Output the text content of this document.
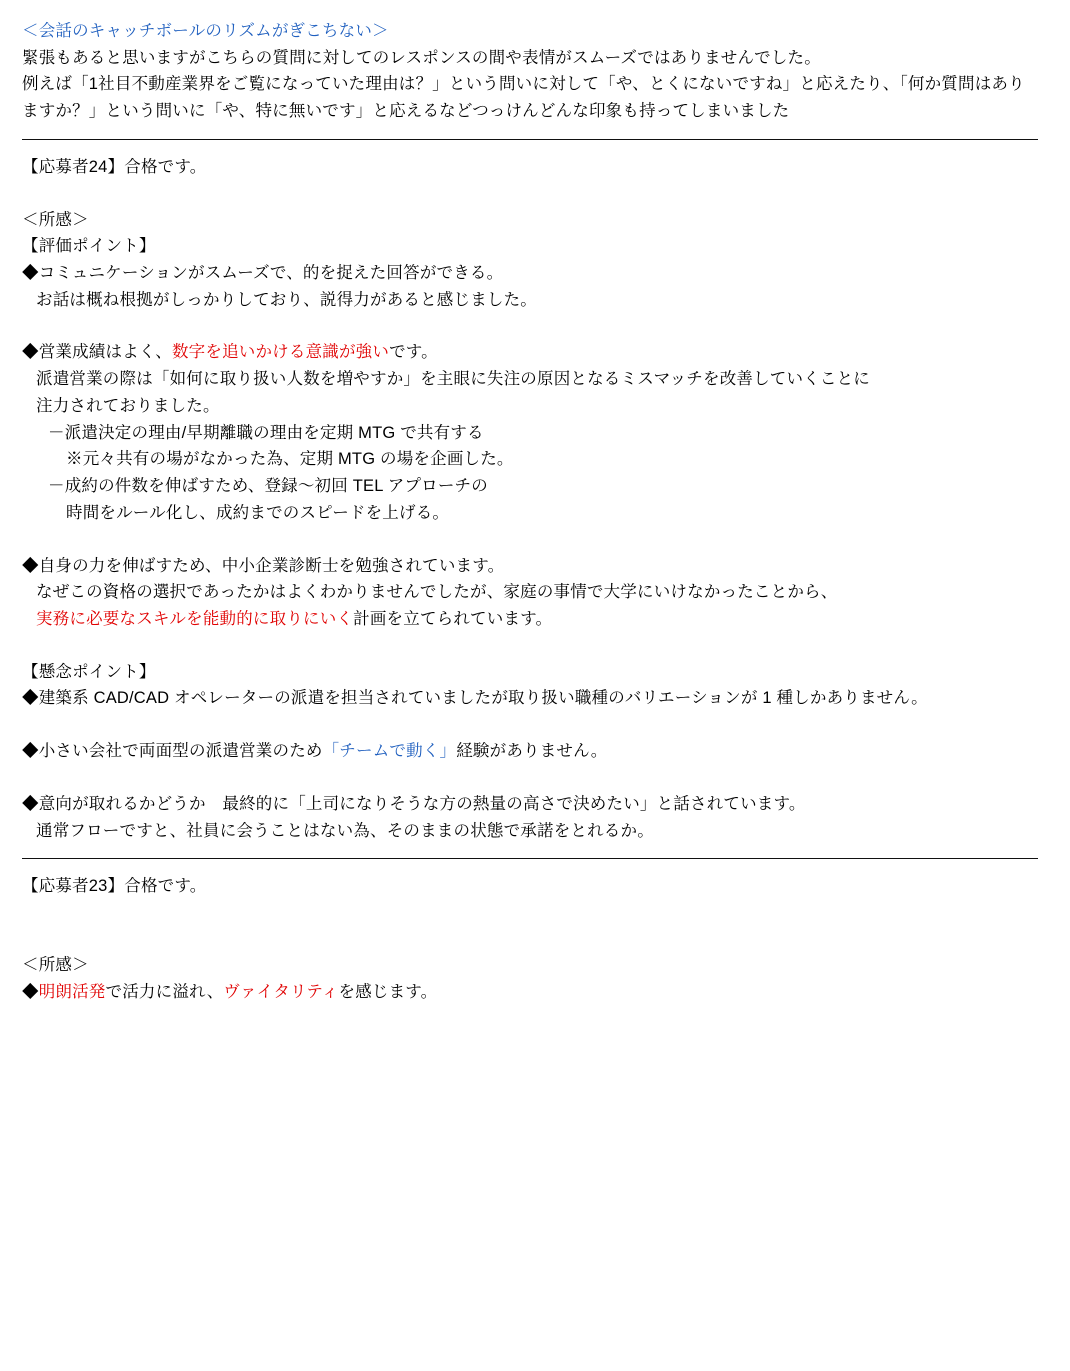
＜会話のキャッチボールのリズムがぎこちない＞

緊張もあると思いますがこちらの質問に対してのレスポンスの間や表情がスムーズではありませんでした。

例えば「1社目不動産業界をご覧になっていた理由は？」という問いに対して「や、とくにないですね」と応えたり、「何か質問はあり

ますか？」という問いに「や、特に無いです」と応えるなどつっけんどんな印象も持ってしまいました

【応募者24】合格です。

＜所感＞

【評価ポイント】

◆コミュニケーションがスムーズで、的を捉えた回答ができる。

お話は概ね根拠がしっかりしており、説得力があると感じました。

◆営業成績はよく、数字を追いかける意識が強いです。

派遣営業の際は「如何に取り扱い人数を増やすか」を主眼に失注の原因となるミスマッチを改善していくことに

注力されておりました。

－派遣決定の理由/早期離職の理由を定期 MTG で共有する

※元々共有の場がなかった為、定期 MTG の場を企画した。

－成約の件数を伸ばすため、登録～初回 TEL アプローチの

時間をルール化し、成約までのスピードを上げる。

◆自身の力を伸ばすため、中小企業診断士を勉強されています。

なぜこの資格の選択であったかはよくわかりませんでしたが、家庭の事情で大学にいけなかったことから、

実務に必要なスキルを能動的に取りにいく計画を立てられています。

【懸念ポイント】

◆建築系 CAD/CAD オペレーターの派遣を担当されていましたが取り扱い職種のバリエーションが 1 種しかありません。

◆小さい会社で両面型の派遣営業のため「チームで動く」経験がありません。

◆意向が取れるかどうか　最終的に「上司になりそうな方の熱量の高さで決めたい」と話されています。

通常フローですと、社員に会うことはない為、そのままの状態で承諾をとれるか。

【応募者23】合格です。

＜所感＞

◆明朗活発で活力に溢れ、ヴァイタリティを感じます。
